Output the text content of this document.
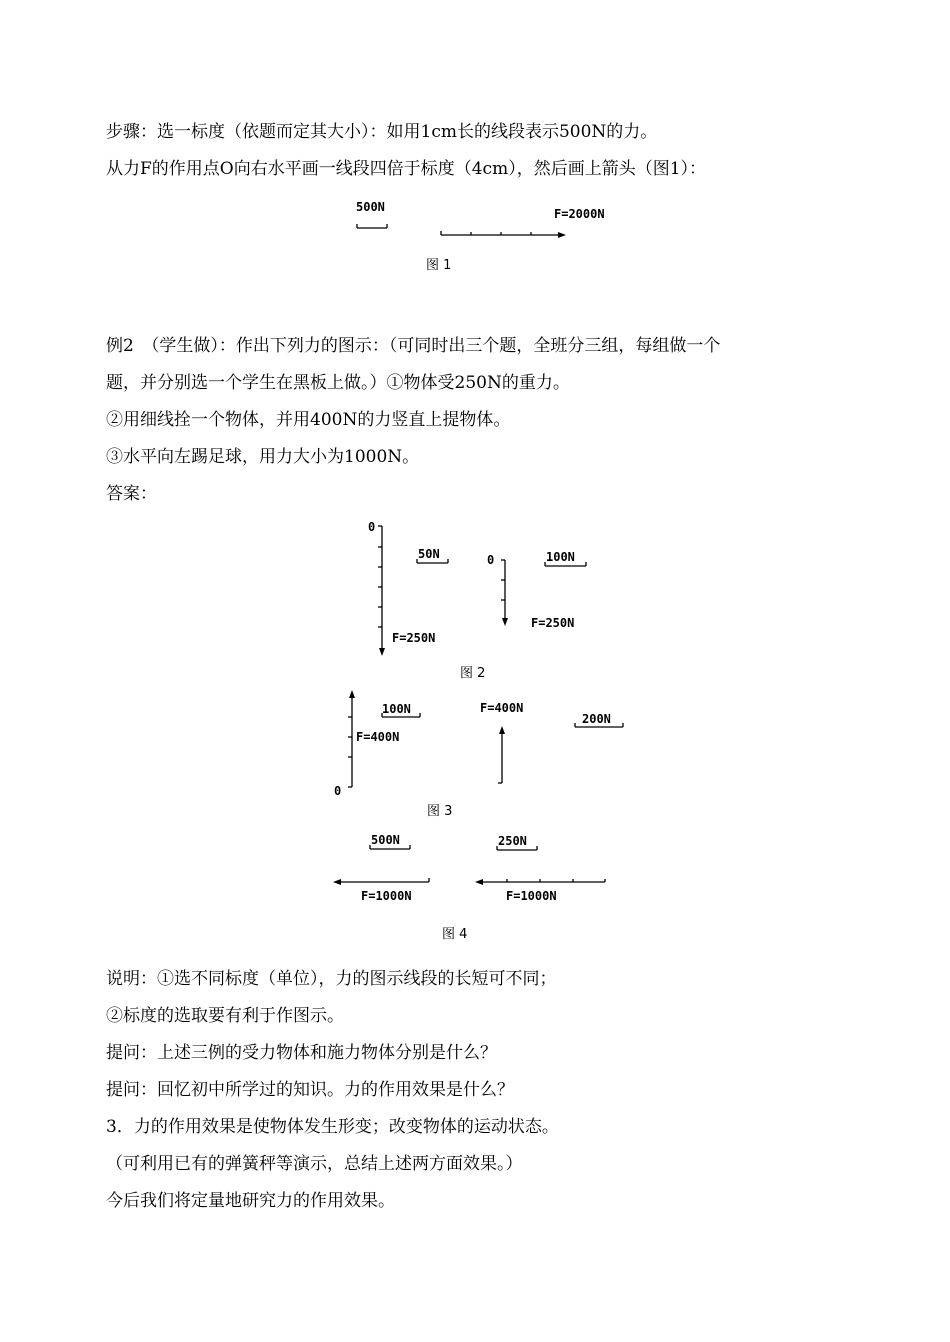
步骤：选一标度（依题而定其大小）：如用1cm长的线段表示500N的力。
从力F的作用点O向右水平画一线段四倍于标度（4cm），然后画上箭头（图1）：
500N	F=2000N
图 1
例2　（学生做）：作出下列力的图示：（可同时出三个题，全班分三组，每组做一个
题，并分别选一个学生在黑板上做。）①物体受250N的重力。
②用细线拴一个物体，并用400N的力竖直上提物体。
③水平向左踢足球，用力大小为1000N。
答案：
0
50N
F=250N
0	100N
F=250N
图 2
100N
F=400N
0
F=400N
200N
图 3
500N
F=1000N
250N
F=1000N
图 4
说明：①选不同标度（单位），力的图示线段的长短可不同；
②标度的选取要有利于作图示。
提问：上述三例的受力物体和施力物体分别是什么？
提问：回忆初中所学过的知识。力的作用效果是什么？
3．力的作用效果是使物体发生形变；改变物体的运动状态。
（可利用已有的弹簧秤等演示，总结上述两方面效果。）
今后我们将定量地研究力的作用效果。
